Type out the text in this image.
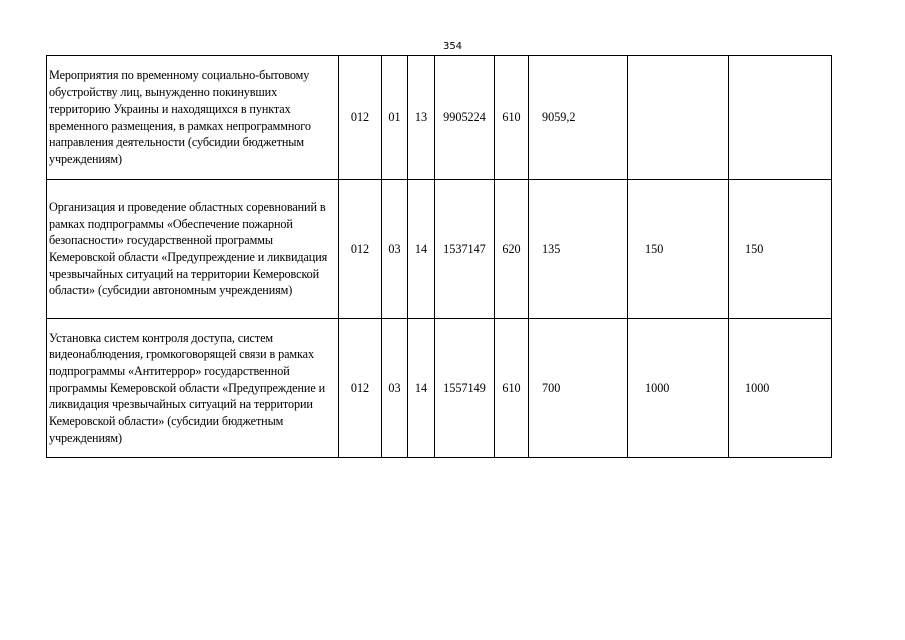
354
Мероприятия по временному социально-бытовому обустройству лиц, вынужденно покинувших территорию Украины и находящихся в пунктах временного размещения, в рамках непрограммного направления деятельности (субсидии бюджетным учреждениям)	012	01	13	9905224	610	9059,2		
Организация и проведение областных соревнований в рамках подпрограммы «Обеспечение пожарной безопасности» государственной программы Кемеровской области «Предупреждение и ликвидация чрезвычайных ситуаций на территории Кемеровской области» (субсидии автономным учреждениям)	012	03	14	1537147	620	135	150	150
Установка систем контроля доступа, систем видеонаблюдения, громкоговорящей связи в рамках подпрограммы «Антитеррор» государственной программы Кемеровской области «Предупреждение и ликвидация чрезвычайных ситуаций на территории Кемеровской области» (субсидии бюджетным учреждениям)	012	03	14	1557149	610	700	1000	1000
